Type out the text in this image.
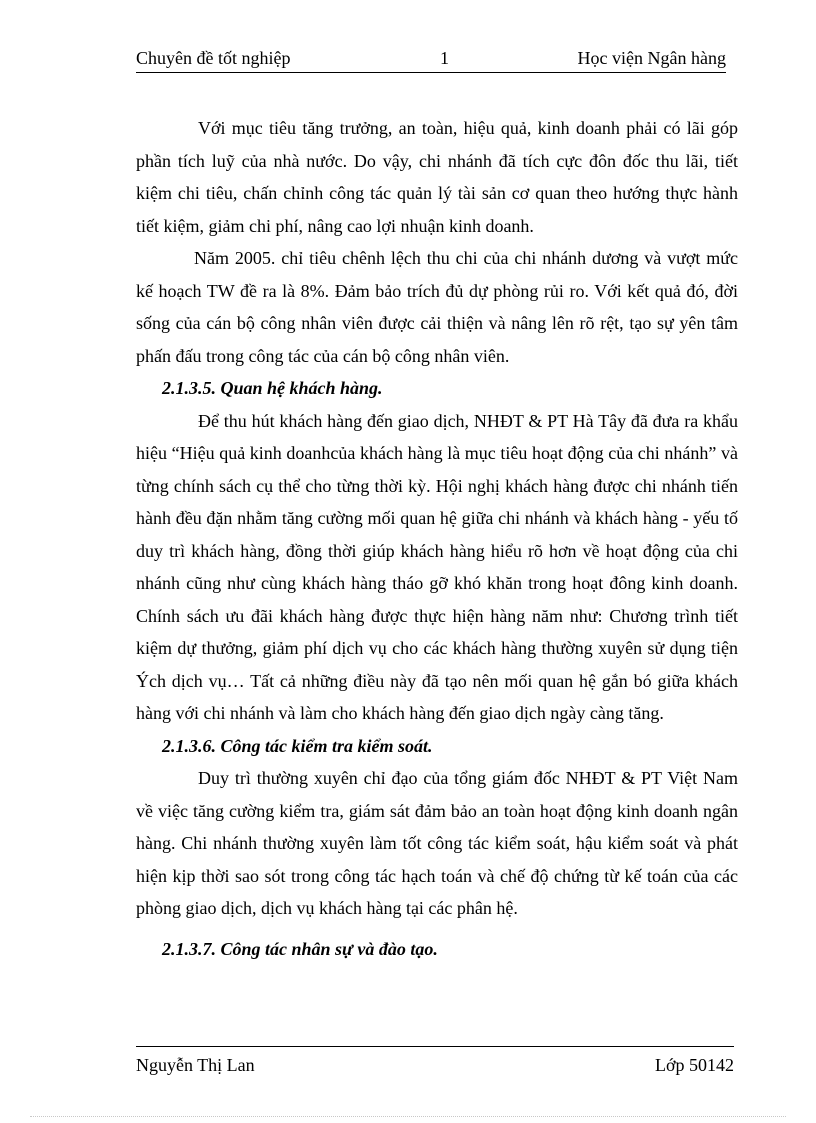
Chuyên đề tốt nghiệp	1	Học viện Ngân hàng

Với mục tiêu tăng trưởng, an toàn, hiệu quả, kinh doanh phải có lãi góp phần tích luỹ của nhà nước. Do vậy, chi nhánh đã tích cực đôn đốc thu lãi, tiết kiệm chi tiêu, chấn chỉnh công tác quản lý tài sản cơ quan theo hướng thực hành tiết kiệm, giảm chi phí, nâng cao lợi nhuận kinh doanh.

Năm 2005. chỉ tiêu chênh lệch thu chi của chi nhánh dương và vượt mức kế hoạch TW đề ra là 8%. Đảm bảo trích đủ dự phòng rủi ro. Với kết quả đó, đời sống của cán bộ công nhân viên được cải thiện và nâng lên rõ rệt, tạo sự yên tâm phấn đấu trong công tác của cán bộ công nhân viên.

2.1.3.5. Quan hệ khách hàng.

Để thu hút khách hàng đến giao dịch, NHĐT & PT Hà Tây đã đưa ra khẩu hiệu “Hiệu quả kinh doanhcủa khách hàng là mục tiêu hoạt động của chi nhánh” và từng chính sách cụ thể cho từng thời kỳ. Hội nghị khách hàng được chi nhánh tiến hành đều đặn nhằm tăng cường mối quan hệ giữa chi nhánh và khách hàng - yếu tố duy trì khách hàng, đồng thời giúp khách hàng hiểu rõ hơn về hoạt động của chi nhánh cũng như cùng khách hàng tháo gỡ khó khăn trong hoạt đông kinh doanh. Chính sách ưu đãi khách hàng được thực hiện hàng năm như: Chương trình tiết kiệm dự thưởng, giảm phí dịch vụ cho các khách hàng thường xuyên sử dụng tiện Ých dịch vụ… Tất cả những điều này đã tạo nên mối quan hệ gắn bó giữa khách hàng với chi nhánh và làm cho khách hàng đến giao dịch ngày càng tăng.

2.1.3.6. Công tác kiểm tra kiểm soát.

Duy trì thường xuyên chỉ đạo của tổng giám đốc NHĐT & PT Việt Nam về việc tăng cường kiểm tra, giám sát đảm bảo an toàn hoạt động kinh doanh ngân hàng. Chi nhánh thường xuyên làm tốt công tác kiểm soát, hậu kiểm soát và phát hiện kịp thời sao sót trong công tác hạch toán và chế độ chứng từ kế toán của các phòng giao dịch, dịch vụ khách hàng tại các phân hệ.

2.1.3.7. Công tác nhân sự và đào tạo.
Nguyễn Thị Lan	Lớp 50142
